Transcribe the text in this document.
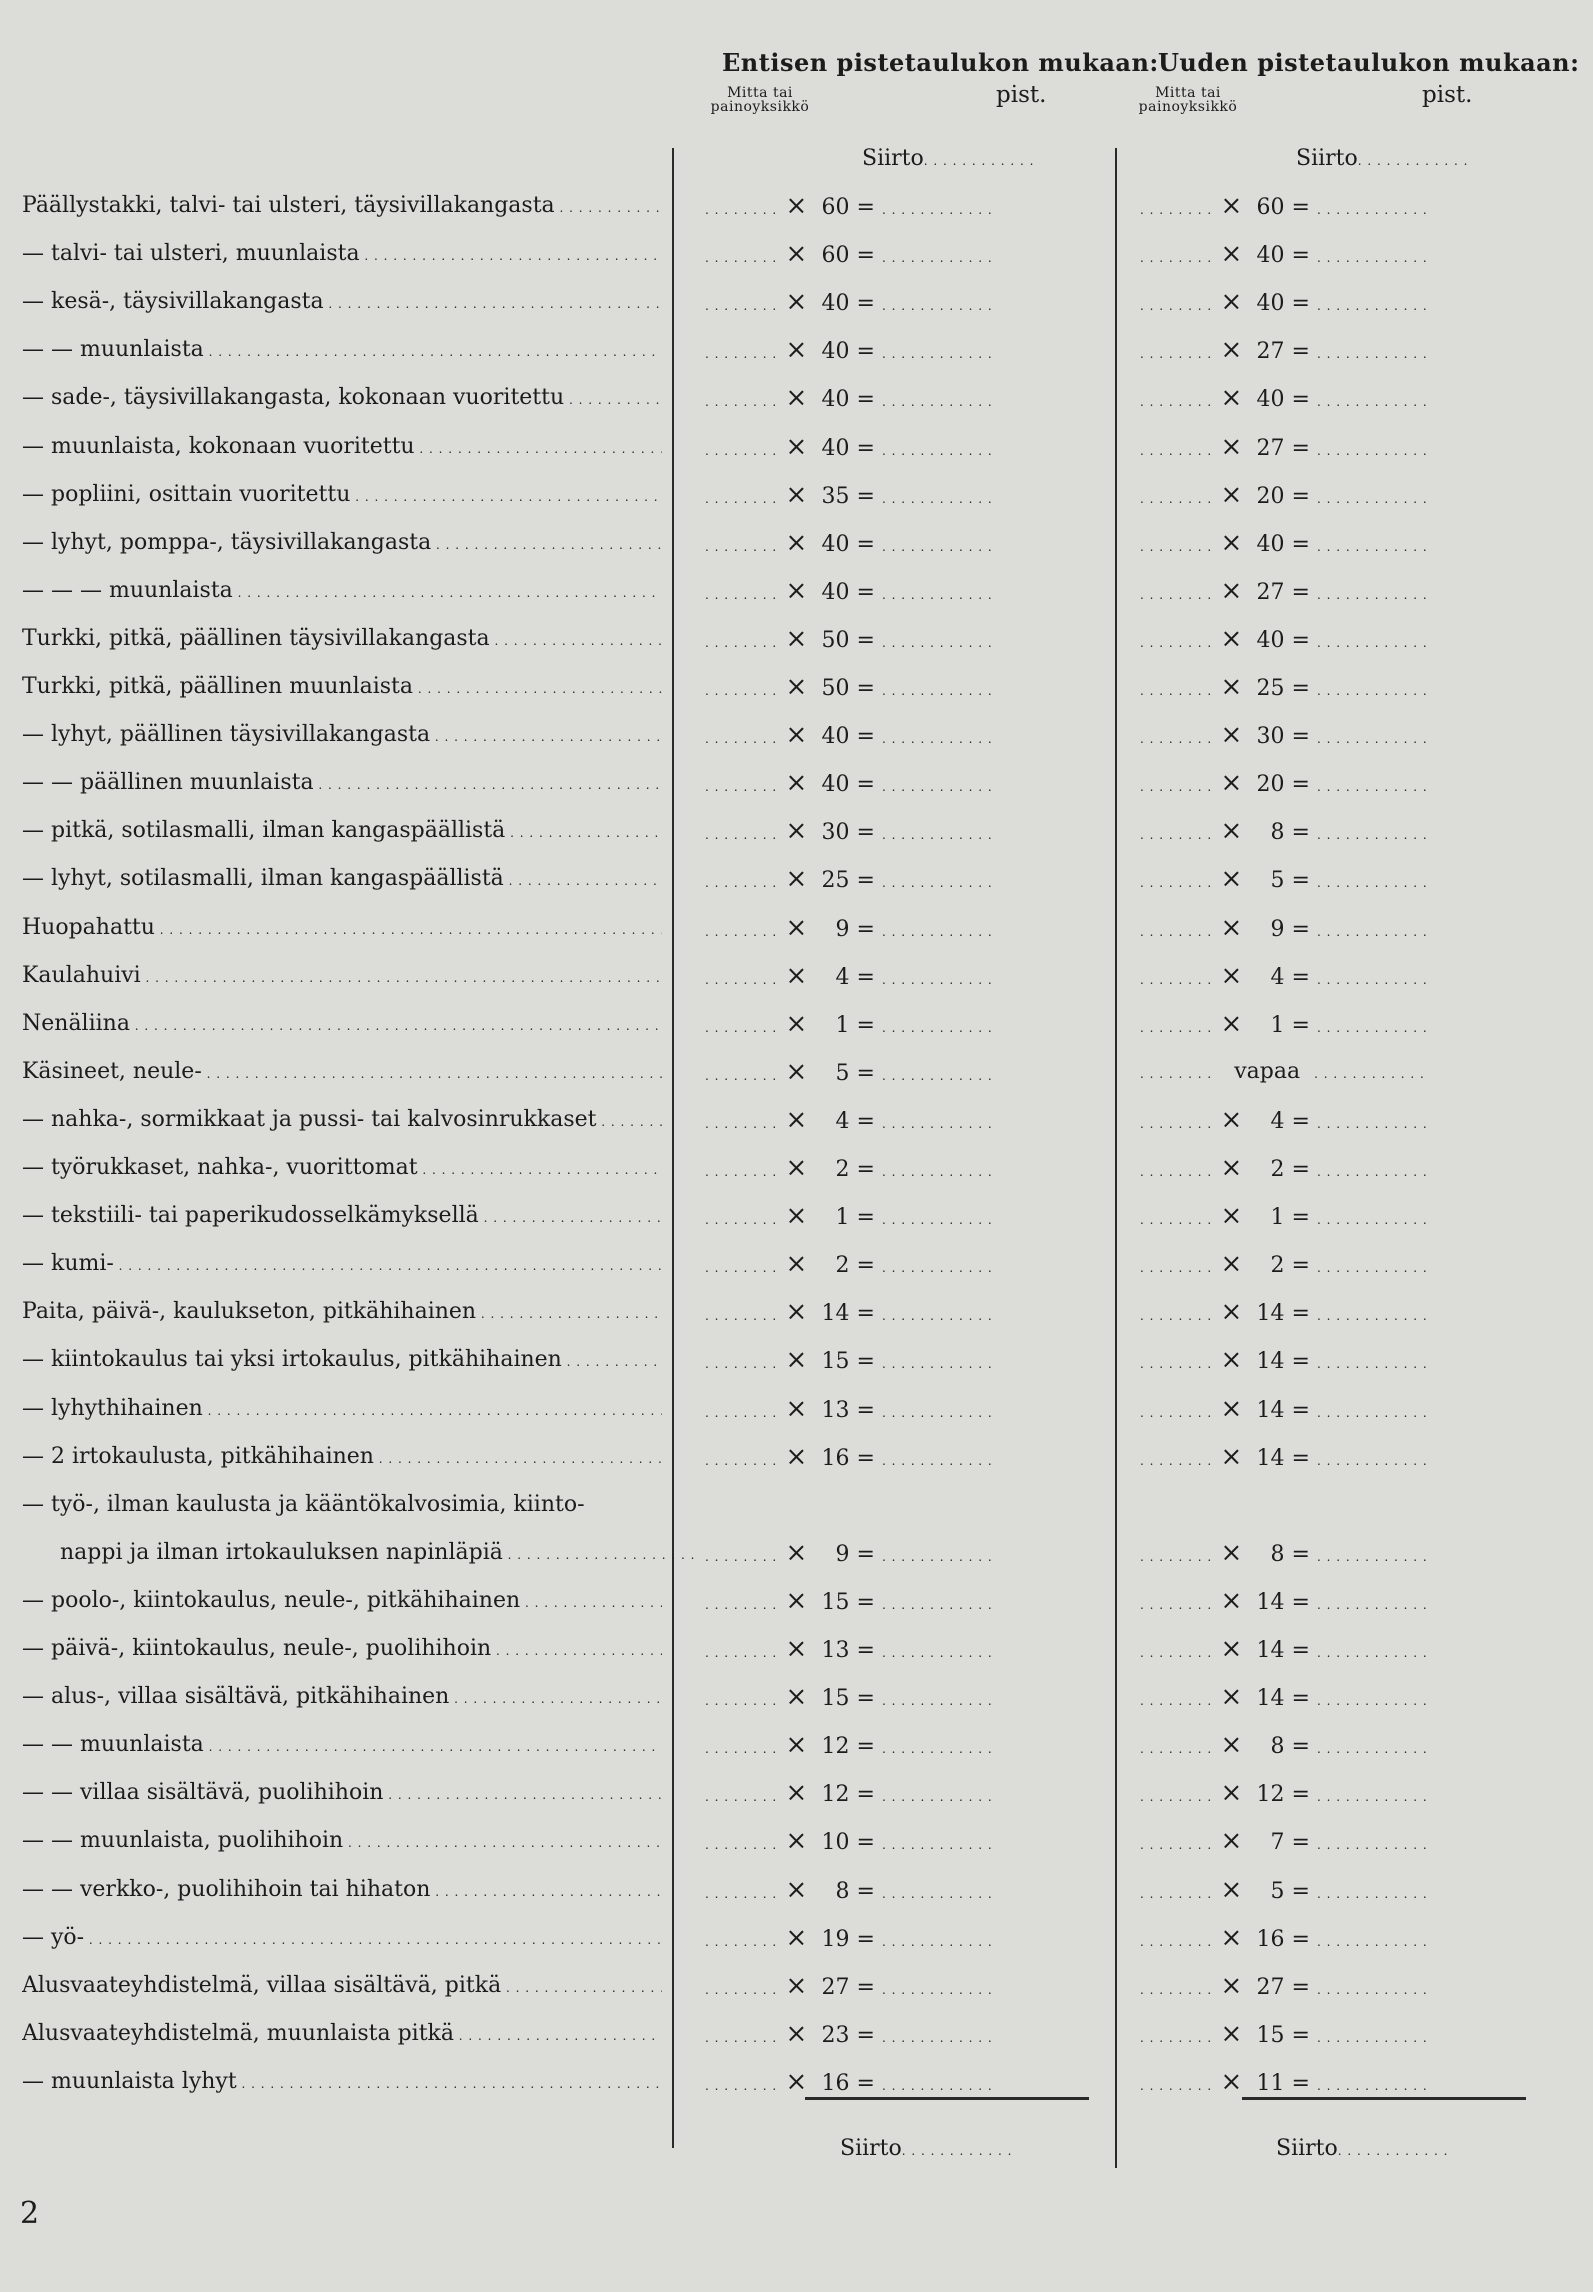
Entisen pistetaulukon mukaan: Uuden pistetaulukon mukaan:
Mitta tai
painoyksikkö	pist.	Mitta tai
painoyksikkö	pist.
Siirto. . . . . . . . . . . .	Siirto. . . . . . . . . . . .
Päällystakki, talvi- tai ulsteri, täysivillakangasta . . .	. . . . . . . . × 60 = . . . . . . . . . . . .	. . . . . . . . × 60 = . . . . . . . . . . . .
— talvi- tai ulsteri, muunlaista . . .	. . . . . . . . × 60 = . . . . . . . . . . . .	. . . . . . . . × 40 = . . . . . . . . . . . .
— kesä-, täysivillakangasta . . .	. . . . . . . . × 40 = . . . . . . . . . . . .	. . . . . . . . × 40 = . . . . . . . . . . . .
— — muunlaista . . .	. . . . . . . . × 40 = . . . . . . . . . . . .	. . . . . . . . × 27 = . . . . . . . . . . . .
— sade-, täysivillakangasta, kokonaan vuoritettu . . .	. . . . . . . . × 40 = . . . . . . . . . . . .	. . . . . . . . × 40 = . . . . . . . . . . . .
— muunlaista, kokonaan vuoritettu . . .	. . . . . . . . × 40 = . . . . . . . . . . . .	. . . . . . . . × 27 = . . . . . . . . . . . .
— popliini, osittain vuoritettu . . .	. . . . . . . . × 35 = . . . . . . . . . . . .	. . . . . . . . × 20 = . . . . . . . . . . . .
— lyhyt, pomppa-, täysivillakangasta . . .	. . . . . . . . × 40 = . . . . . . . . . . . .	. . . . . . . . × 40 = . . . . . . . . . . . .
— — — muunlaista . . .	. . . . . . . . × 40 = . . . . . . . . . . . .	. . . . . . . . × 27 = . . . . . . . . . . . .
Turkki, pitkä, päällinen täysivillakangasta . . .	. . . . . . . . × 50 = . . . . . . . . . . . .	. . . . . . . . × 40 = . . . . . . . . . . . .
Turkki, pitkä, päällinen muunlaista . . .	. . . . . . . . × 50 = . . . . . . . . . . . .	. . . . . . . . × 25 = . . . . . . . . . . . .
— lyhyt, päällinen täysivillakangasta . . .	. . . . . . . . × 40 = . . . . . . . . . . . .	. . . . . . . . × 30 = . . . . . . . . . . . .
— — päällinen muunlaista . . .	. . . . . . . . × 40 = . . . . . . . . . . . .	. . . . . . . . × 20 = . . . . . . . . . . . .
— pitkä, sotilasmalli, ilman kangaspäällistä . . .	. . . . . . . . × 30 = . . . . . . . . . . . .	. . . . . . . . × 8 = . . . . . . . . . . . .
— lyhyt, sotilasmalli, ilman kangaspäällistä . . .	. . . . . . . . × 25 = . . . . . . . . . . . .	. . . . . . . . × 5 = . . . . . . . . . . . .
Huopahattu . . .	. . . . . . . . × 9 = . . . . . . . . . . . .	. . . . . . . . × 9 = . . . . . . . . . . . .
Kaulahuivi . . .	. . . . . . . . × 4 = . . . . . . . . . . . .	. . . . . . . . × 4 = . . . . . . . . . . . .
Nenäliina . . .	. . . . . . . . × 1 = . . . . . . . . . . . .	. . . . . . . . × 1 = . . . . . . . . . . . .
Käsineet, neule- . . .	. . . . . . . . × 5 = . . . . . . . . . . . .	. . . . . . . .vapaa. . . . . . . . . . . .
— nahka-, sormikkaat ja pussi- tai kalvosinrukkaset . . .	. . . . . . . . × 4 = . . . . . . . . . . . .	. . . . . . . . × 4 = . . . . . . . . . . . .
— työrukkaset, nahka-, vuorittomat . . .	. . . . . . . . × 2 = . . . . . . . . . . . .	. . . . . . . . × 2 = . . . . . . . . . . . .
— tekstiili- tai paperikudosselkämyksellä . . .	. . . . . . . . × 1 = . . . . . . . . . . . .	. . . . . . . . × 1 = . . . . . . . . . . . .
— kumi- . . .	. . . . . . . . × 2 = . . . . . . . . . . . .	. . . . . . . . × 2 = . . . . . . . . . . . .
Paita, päivä-, kaulukseton, pitkähihainen . . .	. . . . . . . . × 14 = . . . . . . . . . . . .	. . . . . . . . × 14 = . . . . . . . . . . . .
— kiintokaulus tai yksi irtokaulus, pitkähihainen . . .	. . . . . . . . × 15 = . . . . . . . . . . . .	. . . . . . . . × 14 = . . . . . . . . . . . .
— lyhythihainen . . .	. . . . . . . . × 13 = . . . . . . . . . . . .	. . . . . . . . × 14 = . . . . . . . . . . . .
— 2 irtokaulusta, pitkähihainen . . .	. . . . . . . . × 16 = . . . . . . . . . . . .	. . . . . . . . × 14 = . . . . . . . . . . . .
— työ-, ilman kaulusta ja kääntökalvosimia, kiinto-
nappi ja ilman irtokauluksen napinläpiä . . .	. . . . . . . . × 9 = . . . . . . . . . . . .	. . . . . . . . × 8 = . . . . . . . . . . . .
— poolo-, kiintokaulus, neule-, pitkähihainen . . .	. . . . . . . . × 15 = . . . . . . . . . . . .	. . . . . . . . × 14 = . . . . . . . . . . . .
— päivä-, kiintokaulus, neule-, puolihihoin . . .	. . . . . . . . × 13 = . . . . . . . . . . . .	. . . . . . . . × 14 = . . . . . . . . . . . .
— alus-, villaa sisältävä, pitkähihainen . . .	. . . . . . . . × 15 = . . . . . . . . . . . .	. . . . . . . . × 14 = . . . . . . . . . . . .
— — muunlaista . . .	. . . . . . . . × 12 = . . . . . . . . . . . .	. . . . . . . . × 8 = . . . . . . . . . . . .
— — villaa sisältävä, puolihihoin . . .	. . . . . . . . × 12 = . . . . . . . . . . . .	. . . . . . . . × 12 = . . . . . . . . . . . .
— — muunlaista, puolihihoin . . .	. . . . . . . . × 10 = . . . . . . . . . . . .	. . . . . . . . × 7 = . . . . . . . . . . . .
— — verkko-, puolihihoin tai hihaton . . .	. . . . . . . . × 8 = . . . . . . . . . . . .	. . . . . . . . × 5 = . . . . . . . . . . . .
— yö- . . .	. . . . . . . . × 19 = . . . . . . . . . . . .	. . . . . . . . × 16 = . . . . . . . . . . . .
Alusvaateyhdistelmä, villaa sisältävä, pitkä . . .	. . . . . . . . × 27 = . . . . . . . . . . . .	. . . . . . . . × 27 = . . . . . . . . . . . .
Alusvaateyhdistelmä, muunlaista pitkä . . .	. . . . . . . . × 23 = . . . . . . . . . . . .	. . . . . . . . × 15 = . . . . . . . . . . . .
— muunlaista lyhyt . . .	. . . . . . . . × 16 = . . . . . . . . . . . .	. . . . . . . . × 11 = . . . . . . . . . . . .
Siirto. . . . . . . . . . . .	Siirto. . . . . . . . . . . .
2
